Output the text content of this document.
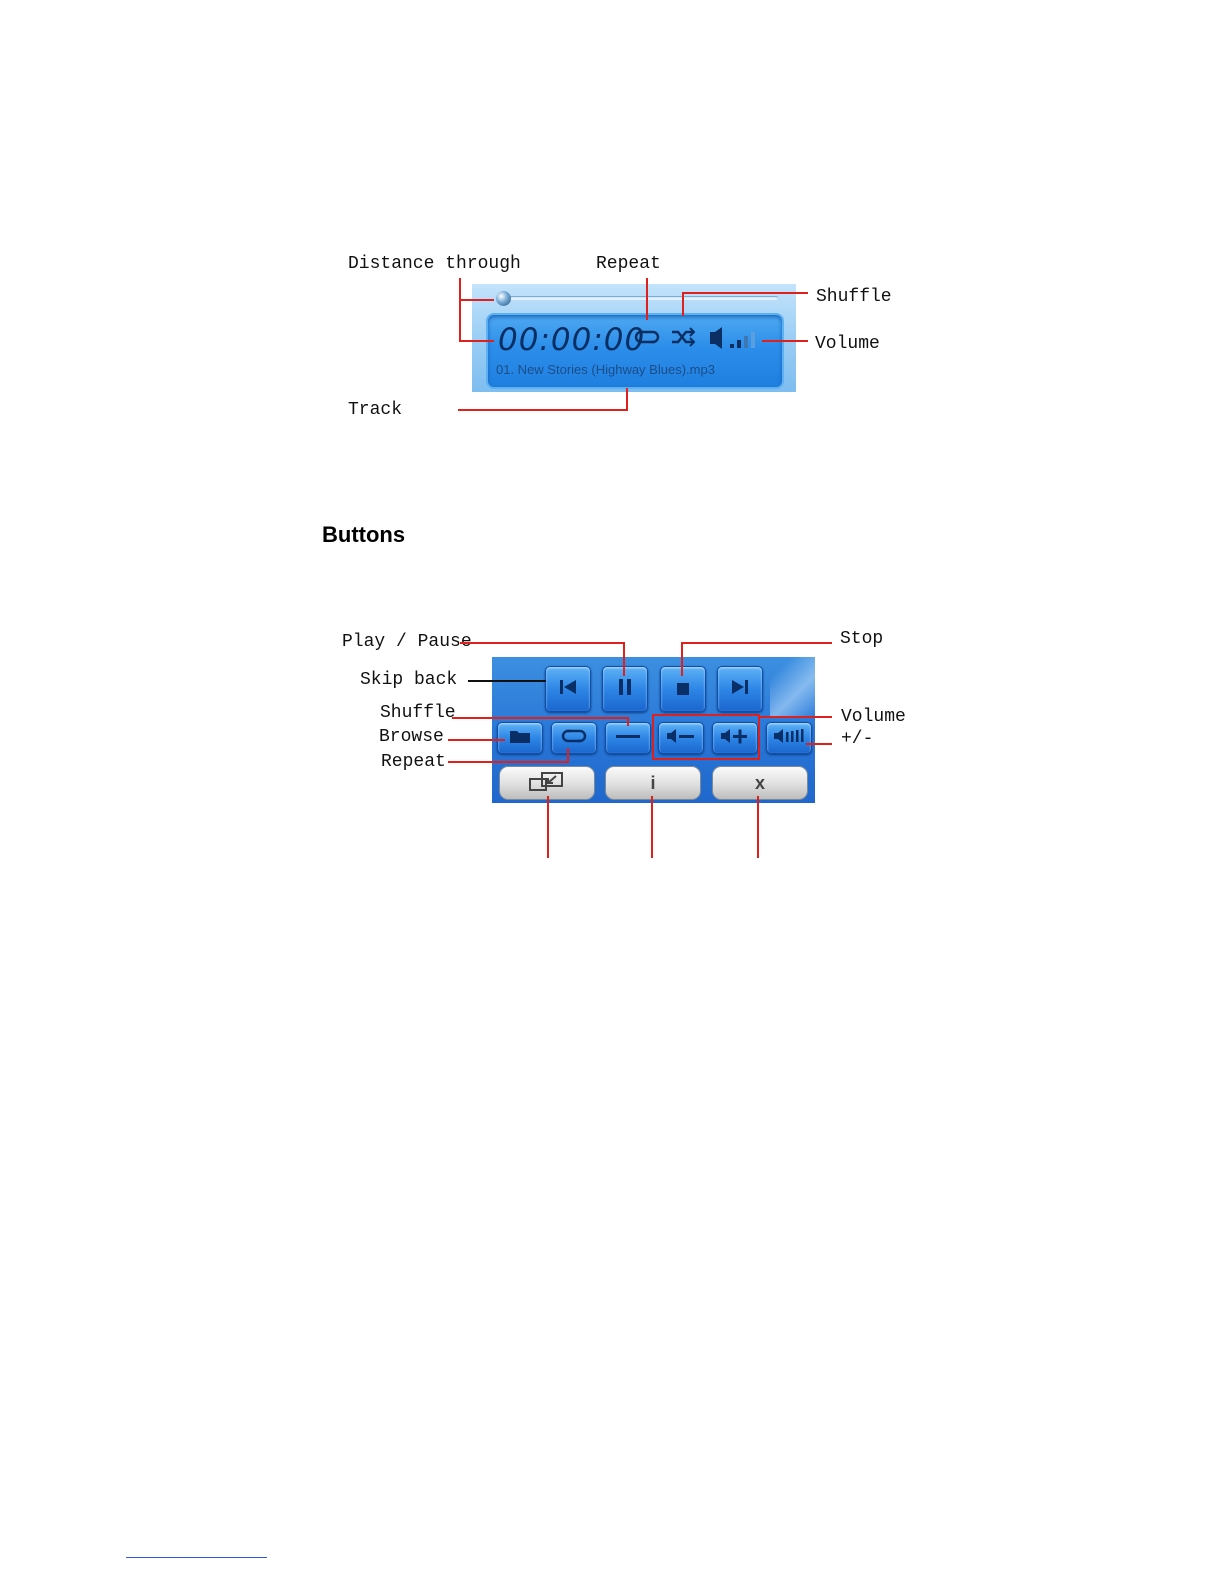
Distance through	Repeat
Shuffle
Volume
Track
00:00:00
01. New Stories (Highway Blues).mp3
Buttons
Play / Pause	Stop
Skip back
Shuffle
Browse
Repeat
Volume
+/-
i	x
